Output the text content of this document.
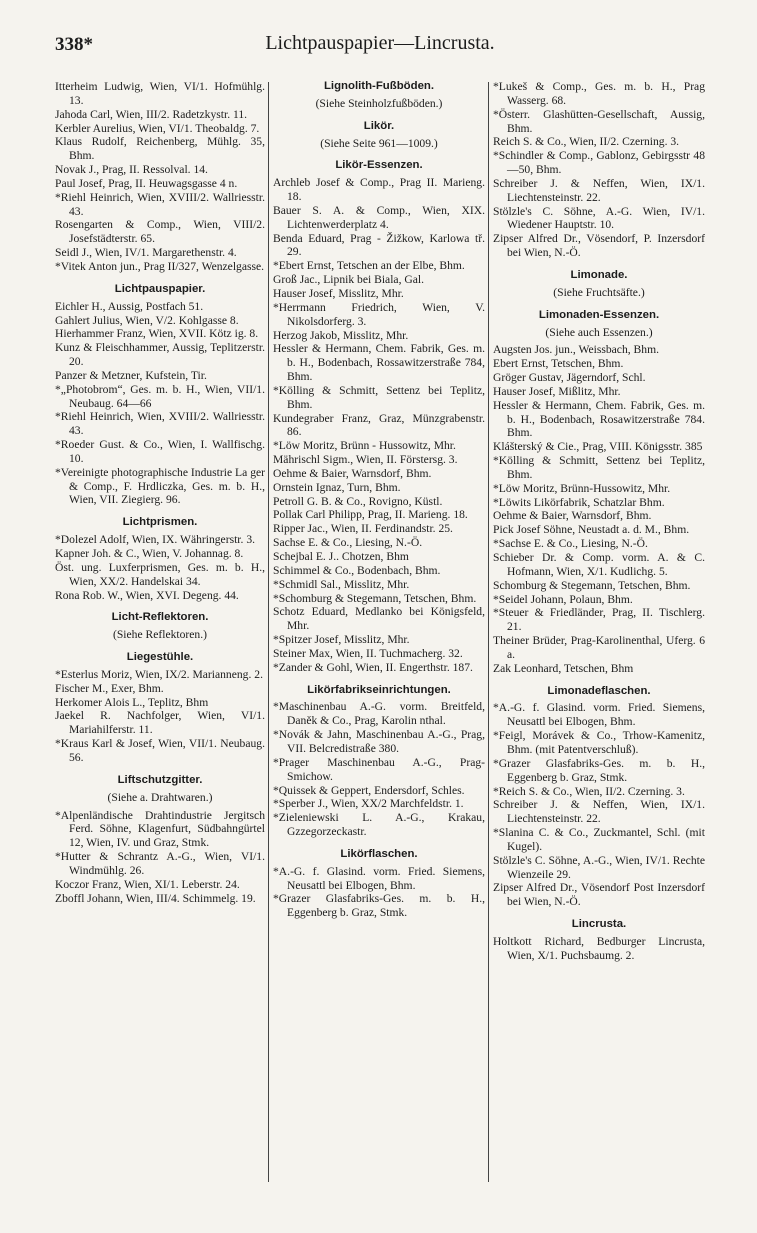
338*	Lichtpauspapier—Lincrusta.
Itterheim Ludwig, Wien, VI/1. Hofmühlg. 13.
Jahoda Carl, Wien, III/2. Radetzkystr. 11.
Kerbler Aurelius, Wien, VI/1. Theobaldg. 7.
Klaus Rudolf, Reichenberg, Mühlg. 35, Bhm.
Novak J., Prag, II. Ressolval. 14.
Paul Josef, Prag, II. Heuwagsgasse 4 n.
*Riehl Heinrich, Wien, XVIII/2. Wallriesstr. 43.
Rosengarten & Comp., Wien, VIII/2. Josefstädterstr. 65.
Seidl J., Wien, IV/1. Margarethenstr. 4.
*Vitek Anton jun., Prag II/327, Wenzelgasse.
Lichtpauspapier.
Eichler H., Aussig, Postfach 51.
Gahlert Julius, Wien, V/2. Kohlgasse 8.
Hierhammer Franz, Wien, XVII. Kötz ig. 8.
Kunz & Fleischhammer, Aussig, Teplitzerstr. 20.
Panzer & Metzner, Kufstein, Tir.
*„Photobrom“, Ges. m. b. H., Wien, VII/1. Neubaug. 64—66
*Riehl Heinrich, Wien, XVIII/2. Wallriesstr. 43.
*Roeder Gust. & Co., Wien, I. Wallfischg. 10.
*Vereinigte photographische Industrie La ger & Comp., F. Hrdliczka, Ges. m. b. H., Wien, VII. Ziegierg. 96.
Lichtprismen.
*Dolezel Adolf, Wien, IX. Währingerstr. 3.
Kapner Joh. & C., Wien, V. Johannag. 8.
Öst. ung. Luxferprismen, Ges. m. b. H., Wien, XX/2. Handelskai 34.
Rona Rob. W., Wien, XVI. Degeng. 44.
Licht-Reflektoren.
(Siehe Reflektoren.)
Liegestühle.
*Esterlus Moriz, Wien, IX/2. Marianneng. 2.
Fischer M., Exer, Bhm.
Herkomer Alois L., Teplitz, Bhm
Jaekel R. Nachfolger, Wien, VI/1. Mariahilferstr. 11.
*Kraus Karl & Josef, Wien, VII/1. Neubaug. 56.
Liftschutzgitter.
(Siehe a. Drahtwaren.)
*Alpenländische Drahtindustrie Jergitsch Ferd. Söhne, Klagenfurt, Südbahngürtel 12, Wien, IV. und Graz, Stmk.
*Hutter & Schrantz A.-G., Wien, VI/1. Windmühlg. 26.
Koczor Franz, Wien, XI/1. Leberstr. 24.
Zboffl Johann, Wien, III/4. Schimmelg. 19.
Lignolith-Fußböden.
(Siehe Steinholzfußböden.)
Likör.
(Siehe Seite 961—1009.)
Likör-Essenzen.
Archleb Josef & Comp., Prag II. Marieng. 18.
Bauer S. A. & Comp., Wien, XIX. Lichtenwerderplatz 4.
Benda Eduard, Prag - Žižkow, Karlowa tř. 29.
*Ebert Ernst, Tetschen an der Elbe, Bhm.
Groß Jac., Lipnik bei Biala, Gal.
Hauser Josef, Misslitz, Mhr.
*Herrmann Friedrich, Wien, V. Nikolsdorferg. 3.
Herzog Jakob, Misslitz, Mhr.
Hessler & Hermann, Chem. Fabrik, Ges. m. b. H., Bodenbach, Rossawitzerstraße 784, Bhm.
*Kölling & Schmitt, Settenz bei Teplitz, Bhm.
Kundegraber Franz, Graz, Münzgrabenstr. 86.
*Löw Moritz, Brünn - Hussowitz, Mhr.
Mährischl Sigm., Wien, II. Förstersg. 3.
Oehme & Baier, Warnsdorf, Bhm.
Ornstein Ignaz, Turn, Bhm.
Petroll G. B. & Co., Rovigno, Küstl.
Pollak Carl Philipp, Prag, II. Marieng. 18.
Ripper Jac., Wien, II. Ferdinandstr. 25.
Sachse E. & Co., Liesing, N.-Ö.
Schejbal E. J.. Chotzen, Bhm
Schimmel & Co., Bodenbach, Bhm.
*Schmidl Sal., Misslitz, Mhr.
*Schomburg & Stegemann, Tetschen, Bhm.
Schotz Eduard, Medlanko bei Königsfeld, Mhr.
*Spitzer Josef, Misslitz, Mhr.
Steiner Max, Wien, II. Tuchmacherg. 32.
*Zander & Gohl, Wien, II. Engerthstr. 187.
Likörfabrikseinrichtungen.
*Maschinenbau A.-G. vorm. Breitfeld, Daněk & Co., Prag, Karolin nthal.
*Novák & Jahn, Maschinenbau A.-G., Prag, VII. Belcredistraße 380.
*Prager Maschinenbau A.-G., Prag-Smichow.
*Quissek & Geppert, Endersdorf, Schles.
*Sperber J., Wien, XX/2 Marchfeldstr. 1.
*Zieleniewski L. A.-G., Krakau, Gzzegorzeckastr.
Likörflaschen.
*A.-G. f. Glasind. vorm. Fried. Siemens, Neusattl bei Elbogen, Bhm.
*Grazer Glasfabriks-Ges. m. b. H., Eggenberg b. Graz, Stmk.
*Lukeš & Comp., Ges. m. b. H., Prag Wasserg. 68.
*Österr. Glashütten-Gesellschaft, Aussig, Bhm.
Reich S. & Co., Wien, II/2. Czerning. 3.
*Schindler & Comp., Gablonz, Gebirgsstr 48—50, Bhm.
Schreiber J. & Neffen, Wien, IX/1. Liechtensteinstr. 22.
Stölzle's C. Söhne, A.-G. Wien, IV/1. Wiedener Hauptstr. 10.
Zipser Alfred Dr., Vösendorf, P. Inzersdorf bei Wien, N.-Ö.
Limonade.
(Siehe Fruchtsäfte.)
Limonaden-Essenzen.
(Siehe auch Essenzen.)
Augsten Jos. jun., Weissbach, Bhm.
Ebert Ernst, Tetschen, Bhm.
Gröger Gustav, Jägerndorf, Schl.
Hauser Josef, Mißlitz, Mhr.
Hessler & Hermann, Chem. Fabrik, Ges. m. b. H., Bodenbach, Rosawitzerstraße 784. Bhm.
Klášterský & Cie., Prag, VIII. Königsstr. 385
*Kölling & Schmitt, Settenz bei Teplitz, Bhm.
*Löw Moritz, Brünn-Hussowitz, Mhr.
*Löwits Likörfabrik, Schatzlar Bhm.
Oehme & Baier, Warnsdorf, Bhm.
Pick Josef Söhne, Neustadt a. d. M., Bhm.
*Sachse E. & Co., Liesing, N.-Ö.
Schieber Dr. & Comp. vorm. A. & C. Hofmann, Wien, X/1. Kudlichg. 5.
Schomburg & Stegemann, Tetschen, Bhm.
*Seidel Johann, Polaun, Bhm.
*Steuer & Friedländer, Prag, II. Tischlerg. 21.
Theiner Brüder, Prag-Karolinenthal, Uferg. 6 a.
Zak Leonhard, Tetschen, Bhm
Limonadeflaschen.
*A.-G. f. Glasind. vorm. Fried. Siemens, Neusattl bei Elbogen, Bhm.
*Feigl, Morávek & Co., Trhow-Kamenitz, Bhm. (mit Patentverschluß).
*Grazer Glasfabriks-Ges. m. b. H., Eggenberg b. Graz, Stmk.
*Reich S. & Co., Wien, II/2. Czerning. 3.
Schreiber J. & Neffen, Wien, IX/1. Liechtensteinstr. 22.
*Slanina C. & Co., Zuckmantel, Schl. (mit Kugel).
Stölzle's C. Söhne, A.-G., Wien, IV/1. Rechte Wienzeile 29.
Zipser Alfred Dr., Vösendorf Post Inzersdorf bei Wien, N.-Ö.
Lincrusta.
Holtkott Richard, Bedburger Lincrusta, Wien, X/1. Puchsbaumg. 2.
